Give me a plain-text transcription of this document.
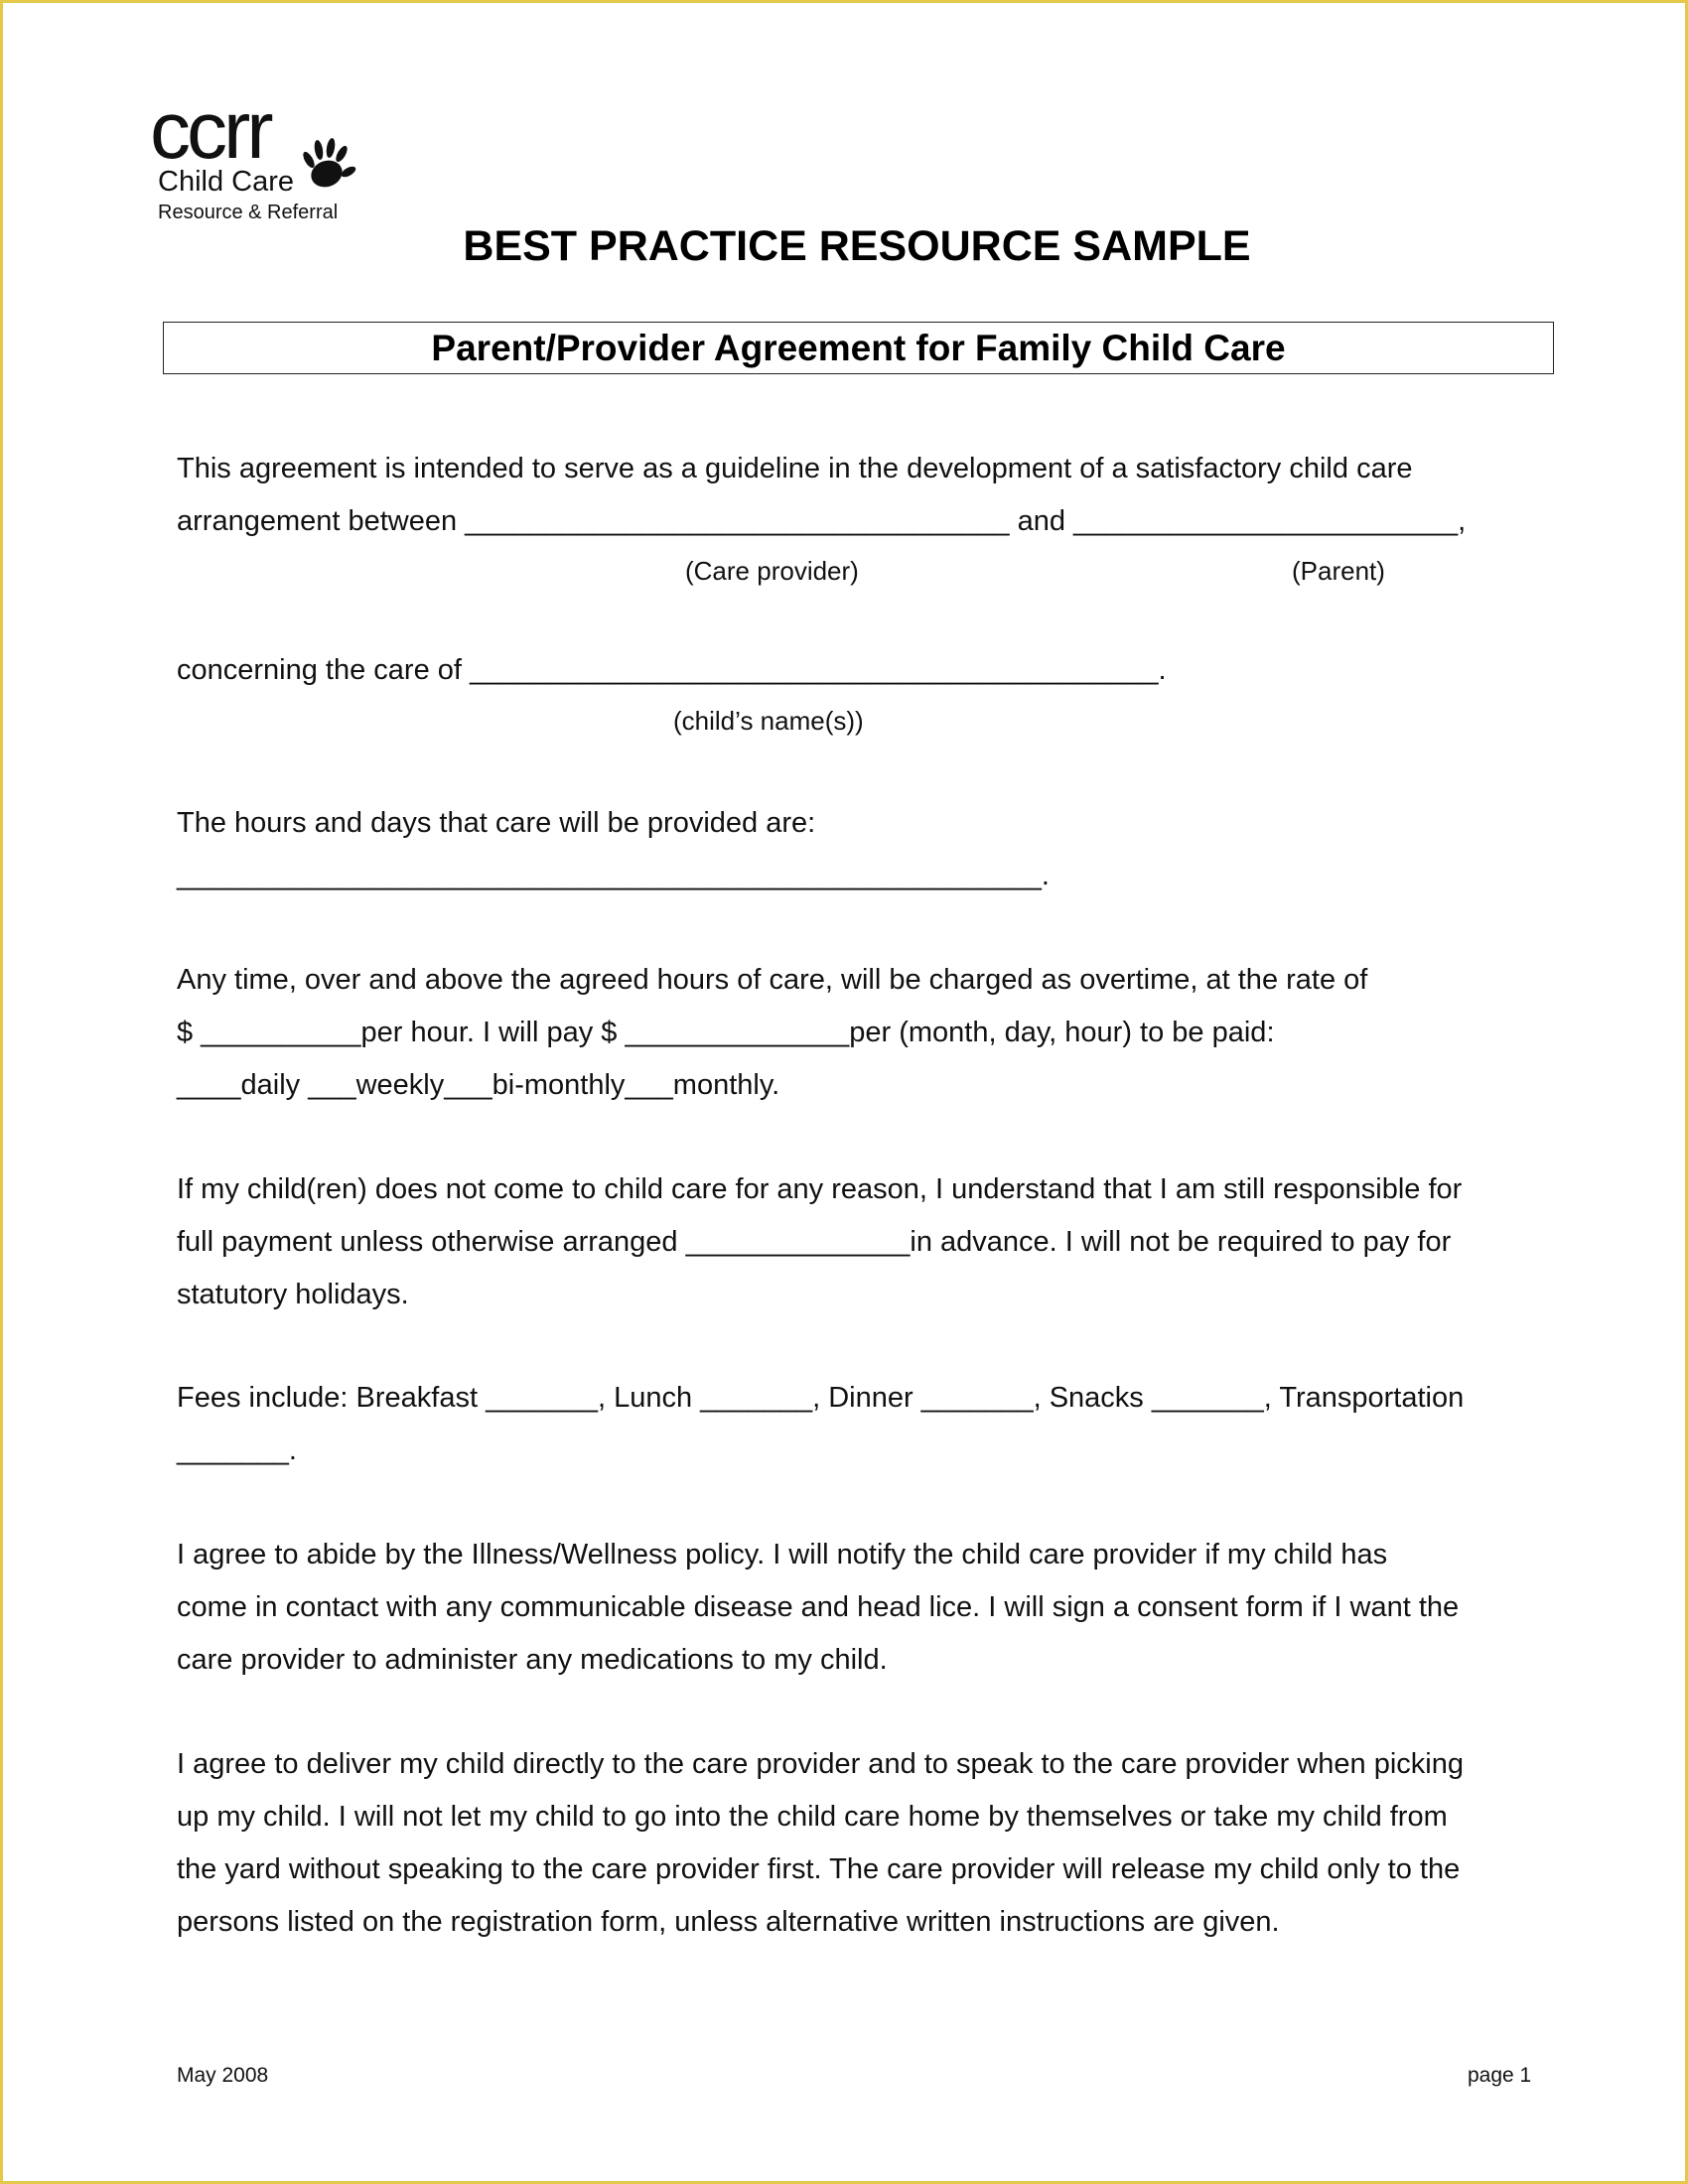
ccrr
Child Care
Resource & Referral
BEST PRACTICE RESOURCE SAMPLE
Parent/Provider Agreement for Family Child Care
This agreement is intended to serve as a guideline in the development of a satisfactory child care
arrangement between __________________________________ and ________________________,
(Care provider)	(Parent)
concerning the care of ___________________________________________.
(child’s name(s))
The hours and days that care will be provided are:
______________________________________________________.
Any time, over and above the agreed hours of care, will be charged as overtime, at the rate of
$ __________per hour. I will pay $ ______________per (month, day, hour) to be paid:
____daily ___weekly___bi-monthly___monthly.
If my child(ren) does not come to child care for any reason, I understand that I am still responsible for
full payment unless otherwise arranged ______________in advance. I will not be required to pay for
statutory holidays.
Fees include: Breakfast _______, Lunch _______, Dinner _______, Snacks _______, Transportation
_______.
I agree to abide by the Illness/Wellness policy. I will notify the child care provider if my child has
come in contact with any communicable disease and head lice. I will sign a consent form if I want the
care provider to administer any medications to my child.
I agree to deliver my child directly to the care provider and to speak to the care provider when picking
up my child. I will not let my child to go into the child care home by themselves or take my child from
the yard without speaking to the care provider first. The care provider will release my child only to the
persons listed on the registration form, unless alternative written instructions are given.
May 2008	page 1
